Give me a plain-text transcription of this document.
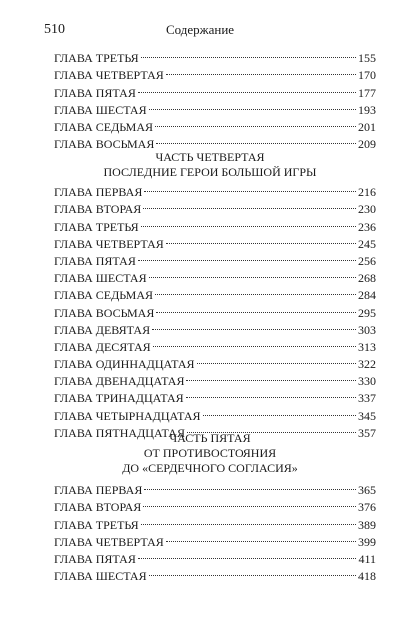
510	Содержание
ГЛАВА ТРЕТЬЯ	155
ГЛАВА ЧЕТВЕРТАЯ	170
ГЛАВА ПЯТАЯ	177
ГЛАВА ШЕСТАЯ	193
ГЛАВА СЕДЬМАЯ	201
ГЛАВА ВОСЬМАЯ	209
ЧАСТЬ ЧЕТВЕРТАЯ
ПОСЛЕДНИЕ ГЕРОИ БОЛЬШОЙ ИГРЫ
ГЛАВА ПЕРВАЯ	216
ГЛАВА ВТОРАЯ	230
ГЛАВА ТРЕТЬЯ	236
ГЛАВА ЧЕТВЕРТАЯ	245
ГЛАВА ПЯТАЯ	256
ГЛАВА ШЕСТАЯ	268
ГЛАВА СЕДЬМАЯ	284
ГЛАВА ВОСЬМАЯ	295
ГЛАВА ДЕВЯТАЯ	303
ГЛАВА ДЕСЯТАЯ	313
ГЛАВА ОДИННАДЦАТАЯ	322
ГЛАВА ДВЕНАДЦАТАЯ	330
ГЛАВА ТРИНАДЦАТАЯ	337
ГЛАВА ЧЕТЫРНАДЦАТАЯ	345
ГЛАВА ПЯТНАДЦАТАЯ	357
ЧАСТЬ ПЯТАЯ
ОТ ПРОТИВОСТОЯНИЯ
ДО «СЕРДЕЧНОГО СОГЛАСИЯ»
ГЛАВА ПЕРВАЯ	365
ГЛАВА ВТОРАЯ	376
ГЛАВА ТРЕТЬЯ	389
ГЛАВА ЧЕТВЕРТАЯ	399
ГЛАВА ПЯТАЯ	411
ГЛАВА ШЕСТАЯ	418
